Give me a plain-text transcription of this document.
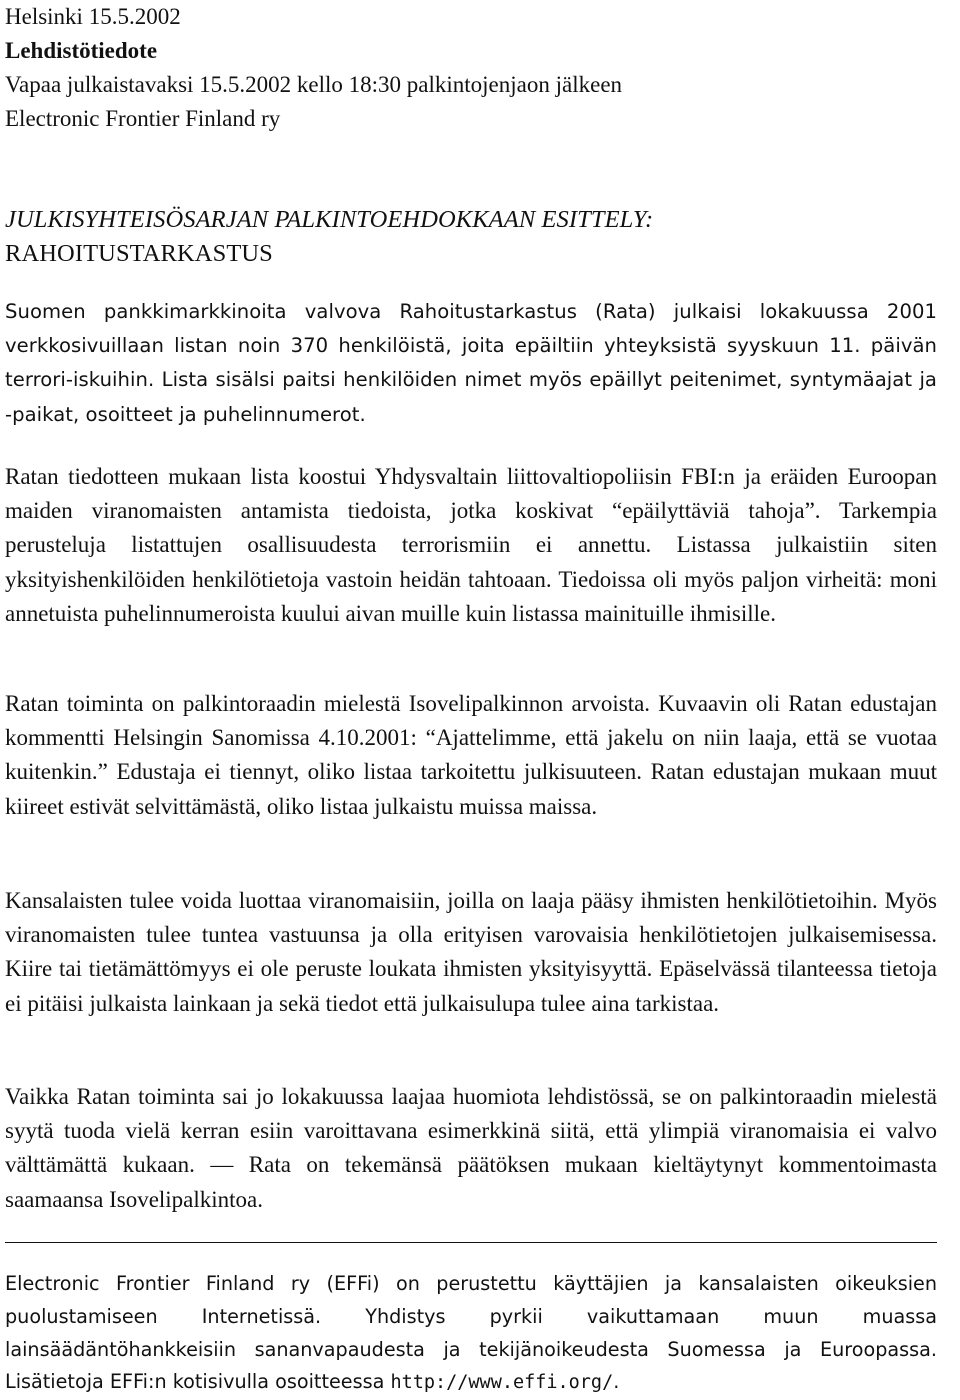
Helsinki 15.5.2002

Lehdistötiedote

Vapaa julkaistavaksi 15.5.2002 kello 18:30 palkintojenjaon jälkeen

Electronic Frontier Finland ry

JULKISYHTEISÖSARJAN PALKINTOEHDOKKAAN ESITTELY:
RAHOITUSTARKASTUS

Suomen pankkimarkkinoita valvova Rahoitustarkastus (Rata) julkaisi lokakuussa 2001 verkkosivuillaan listan noin 370 henkilöistä, joita epäiltiin yhteyksistä syyskuun 11. päivän terrori-iskuihin. Lista sisälsi paitsi henkilöiden nimet myös epäillyt peitenimet, syntymäajat ja -paikat, osoitteet ja puhelinnumerot.

Ratan tiedotteen mukaan lista koostui Yhdysvaltain liittovaltiopoliisin FBI:n ja eräiden Euroopan maiden viranomaisten antamista tiedoista, jotka koskivat “epäilyttäviä tahoja”. Tarkempia perusteluja listattujen osallisuudesta terrorismiin ei annettu. Listassa julkaistiin siten yksityishenkilöiden henkilötietoja vastoin heidän tahtoaan. Tiedoissa oli myös paljon virheitä: moni annetuista puhelinnumeroista kuului aivan muille kuin listassa mainituille ihmisille.

Ratan toiminta on palkintoraadin mielestä Isovelipalkinnon arvoista. Kuvaavin oli Ratan edustajan kommentti Helsingin Sanomissa 4.10.2001: “Ajattelimme, että jakelu on niin laaja, että se vuotaa kuitenkin.” Edustaja ei tiennyt, oliko listaa tarkoitettu julkisuuteen. Ratan edustajan mukaan muut kiireet estivät selvittämästä, oliko listaa julkaistu muissa maissa.

Kansalaisten tulee voida luottaa viranomaisiin, joilla on laaja pääsy ihmisten henkilötietoihin. Myös viranomaisten tulee tuntea vastuunsa ja olla erityisen varovaisia henkilötietojen julkaisemisessa. Kiire tai tietämättömyys ei ole peruste loukata ihmisten yksityisyyttä. Epäselvässä tilanteessa tietoja ei pitäisi julkaista lainkaan ja sekä tiedot että julkaisulupa tulee aina tarkistaa.

Vaikka Ratan toiminta sai jo lokakuussa laajaa huomiota lehdistössä, se on palkintoraadin mielestä syytä tuoda vielä kerran esiin varoittavana esimerkkinä siitä, että ylimpiä viranomaisia ei valvo välttämättä kukaan. — Rata on tekemänsä päätöksen mukaan kieltäytynyt kommentoimasta saamaansa Isovelipalkintoa.

Electronic Frontier Finland ry (EFFi) on perustettu käyttäjien ja kansalaisten oikeuksien puolustamiseen Internetissä. Yhdistys pyrkii vaikuttamaan muun muassa lainsäädäntöhankkeisiin sananvapaudesta ja tekijänoikeudesta Suomessa ja Euroopassa. Lisätietoja EFFi:n kotisivulla osoitteessa http://www.effi.org/.
